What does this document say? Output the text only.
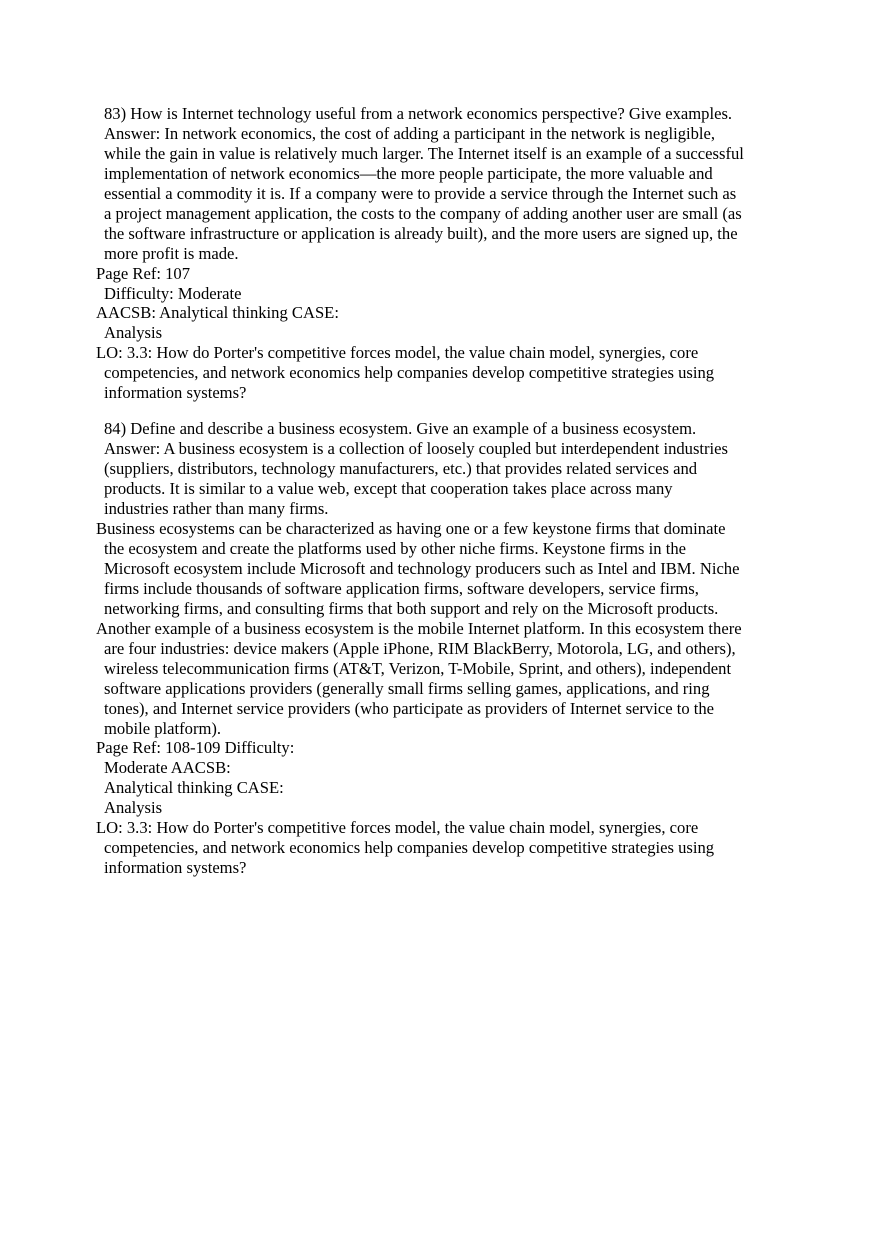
83) How is Internet technology useful from a network economics perspective? Give examples.
Answer: In network economics, the cost of adding a participant in the network is negligible,
while the gain in value is relatively much larger. The Internet itself is an example of a successful
implementation of network economics—the more people participate, the more valuable and
essential a commodity it is. If a company were to provide a service through the Internet such as
a project management application, the costs to the company of adding another user are small (as
the software infrastructure or application is already built), and the more users are signed up, the
more profit is made.
Page Ref: 107
Difficulty: Moderate
AACSB: Analytical thinking CASE:
Analysis
LO: 3.3: How do Porter's competitive forces model, the value chain model, synergies, core
competencies, and network economics help companies develop competitive strategies using
information systems?
84) Define and describe a business ecosystem. Give an example of a business ecosystem.
Answer: A business ecosystem is a collection of loosely coupled but interdependent industries
(suppliers, distributors, technology manufacturers, etc.) that provides related services and
products. It is similar to a value web, except that cooperation takes place across many
industries rather than many firms.
Business ecosystems can be characterized as having one or a few keystone firms that dominate
the ecosystem and create the platforms used by other niche firms. Keystone firms in the
Microsoft ecosystem include Microsoft and technology producers such as Intel and IBM. Niche
firms include thousands of software application firms, software developers, service firms,
networking firms, and consulting firms that both support and rely on the Microsoft products.
Another example of a business ecosystem is the mobile Internet platform. In this ecosystem there
are four industries: device makers (Apple iPhone, RIM BlackBerry, Motorola, LG, and others),
wireless telecommunication firms (AT&T, Verizon, T-Mobile, Sprint, and others), independent
software applications providers (generally small firms selling games, applications, and ring
tones), and Internet service providers (who participate as providers of Internet service to the
mobile platform).
Page Ref: 108-109 Difficulty:
Moderate AACSB:
Analytical thinking CASE:
Analysis
LO: 3.3: How do Porter's competitive forces model, the value chain model, synergies, core
competencies, and network economics help companies develop competitive strategies using
information systems?
